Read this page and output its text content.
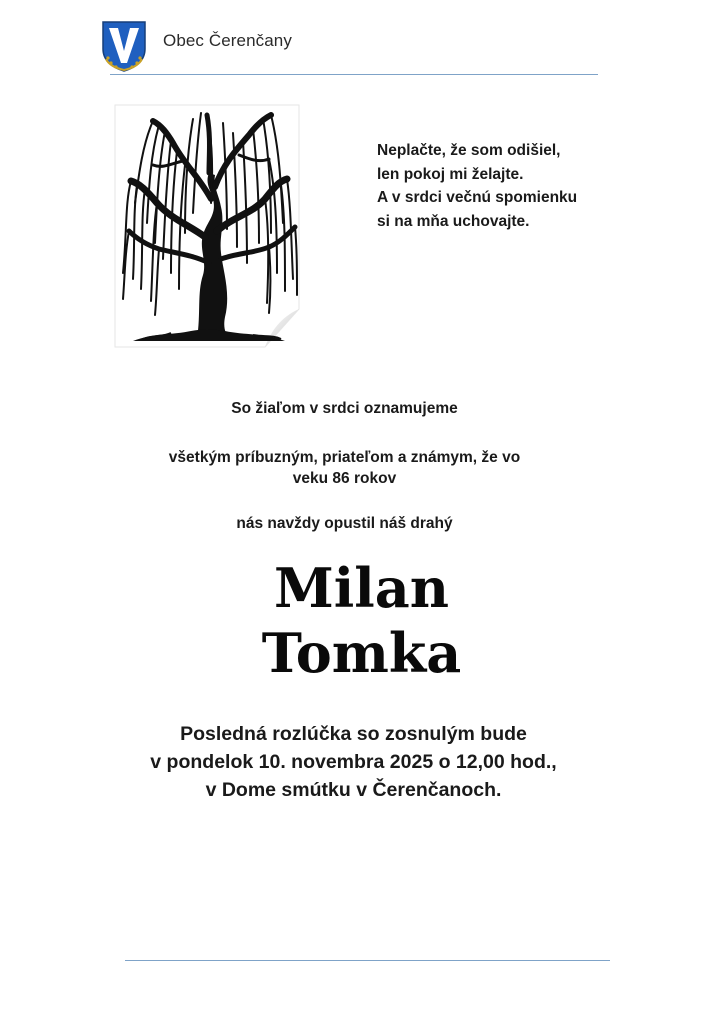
Obec Čerenčany
Neplačte, že som odišiel,
len pokoj mi želajte.
A v srdci večnú spomienku
si na mňa uchovajte.
So žiaľom v srdci oznamujeme
všetkým príbuzným, priateľom a známym, že vo
veku 86 rokov
nás navždy opustil náš drahý
Milan
Tomka
Posledná rozlúčka so zosnulým bude
v pondelok 10. novembra 2025 o 12,00 hod.,
v Dome smútku v Čerenčanoch.
